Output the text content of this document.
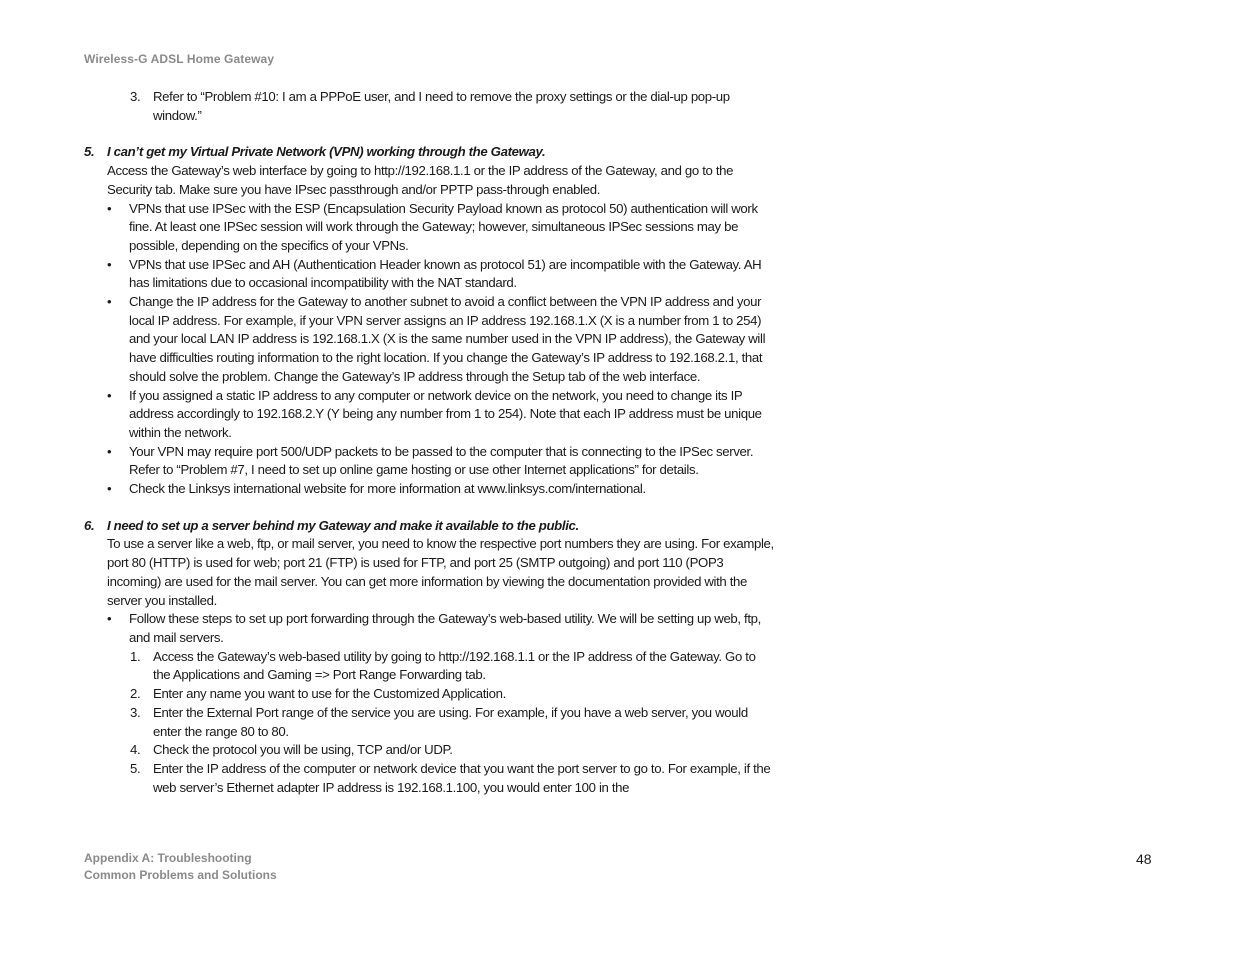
Wireless-G ADSL Home Gateway
3. Refer to “Problem #10: I am a PPPoE user, and I need to remove the proxy settings or the dial-up pop-up window.”
5. I can’t get my Virtual Private Network (VPN) working through the Gateway.
Access the Gateway’s web interface by going to http://192.168.1.1 or the IP address of the Gateway, and go to the Security tab. Make sure you have IPsec passthrough and/or PPTP pass-through enabled.
• VPNs that use IPSec with the ESP (Encapsulation Security Payload known as protocol 50) authentication will work fine. At least one IPSec session will work through the Gateway; however, simultaneous IPSec sessions may be possible, depending on the specifics of your VPNs.
• VPNs that use IPSec and AH (Authentication Header known as protocol 51) are incompatible with the Gateway. AH has limitations due to occasional incompatibility with the NAT standard.
• Change the IP address for the Gateway to another subnet to avoid a conflict between the VPN IP address and your local IP address. For example, if your VPN server assigns an IP address 192.168.1.X (X is a number from 1 to 254) and your local LAN IP address is 192.168.1.X (X is the same number used in the VPN IP address), the Gateway will have difficulties routing information to the right location. If you change the Gateway’s IP address to 192.168.2.1, that should solve the problem. Change the Gateway’s IP address through the Setup tab of the web interface.
• If you assigned a static IP address to any computer or network device on the network, you need to change its IP address accordingly to 192.168.2.Y (Y being any number from 1 to 254). Note that each IP address must be unique within the network.
• Your VPN may require port 500/UDP packets to be passed to the computer that is connecting to the IPSec server. Refer to “Problem #7, I need to set up online game hosting or use other Internet applications” for details.
• Check the Linksys international website for more information at www.linksys.com/international.
6. I need to set up a server behind my Gateway and make it available to the public.
To use a server like a web, ftp, or mail server, you need to know the respective port numbers they are using. For example, port 80 (HTTP) is used for web; port 21 (FTP) is used for FTP, and port 25 (SMTP outgoing) and port 110 (POP3 incoming) are used for the mail server. You can get more information by viewing the documentation provided with the server you installed.
• Follow these steps to set up port forwarding through the Gateway’s web-based utility. We will be setting up web, ftp, and mail servers.
1. Access the Gateway’s web-based utility by going to http://192.168.1.1 or the IP address of the Gateway. Go to the Applications and Gaming => Port Range Forwarding tab.
2. Enter any name you want to use for the Customized Application.
3. Enter the External Port range of the service you are using. For example, if you have a web server, you would enter the range 80 to 80.
4. Check the protocol you will be using, TCP and/or UDP.
5. Enter the IP address of the computer or network device that you want the port server to go to. For example, if the web server’s Ethernet adapter IP address is 192.168.1.100, you would enter 100 in the
Appendix A: Troubleshooting
Common Problems and Solutions
48
